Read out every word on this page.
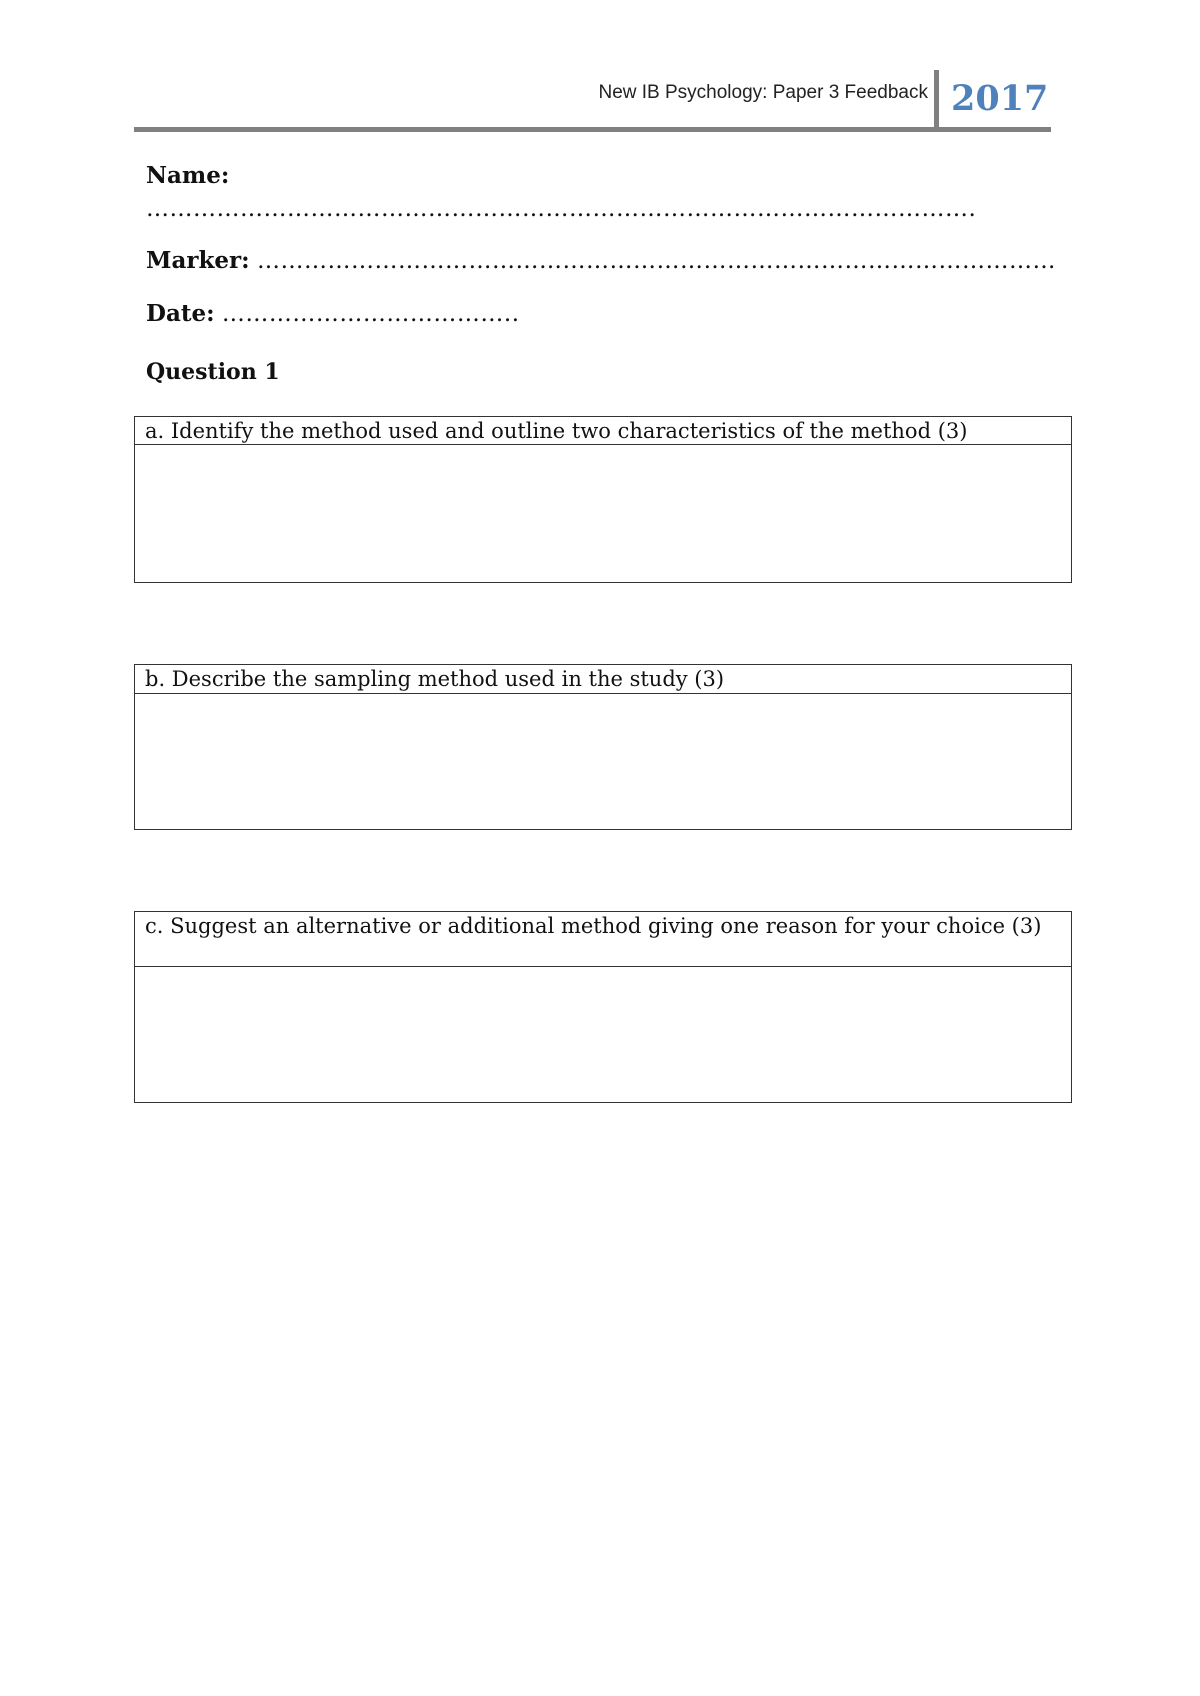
New IB Psychology: Paper 3 Feedback 2017
Name:
…………………………………………………………………………………………….
Marker: …………………………………………………………………………………………
Date: ………………………………..
Question 1
a. Identify the method used and outline two characteristics of the method (3)
b. Describe the sampling method used in the study (3)
c. Suggest an alternative or additional method giving one reason for your choice (3)
